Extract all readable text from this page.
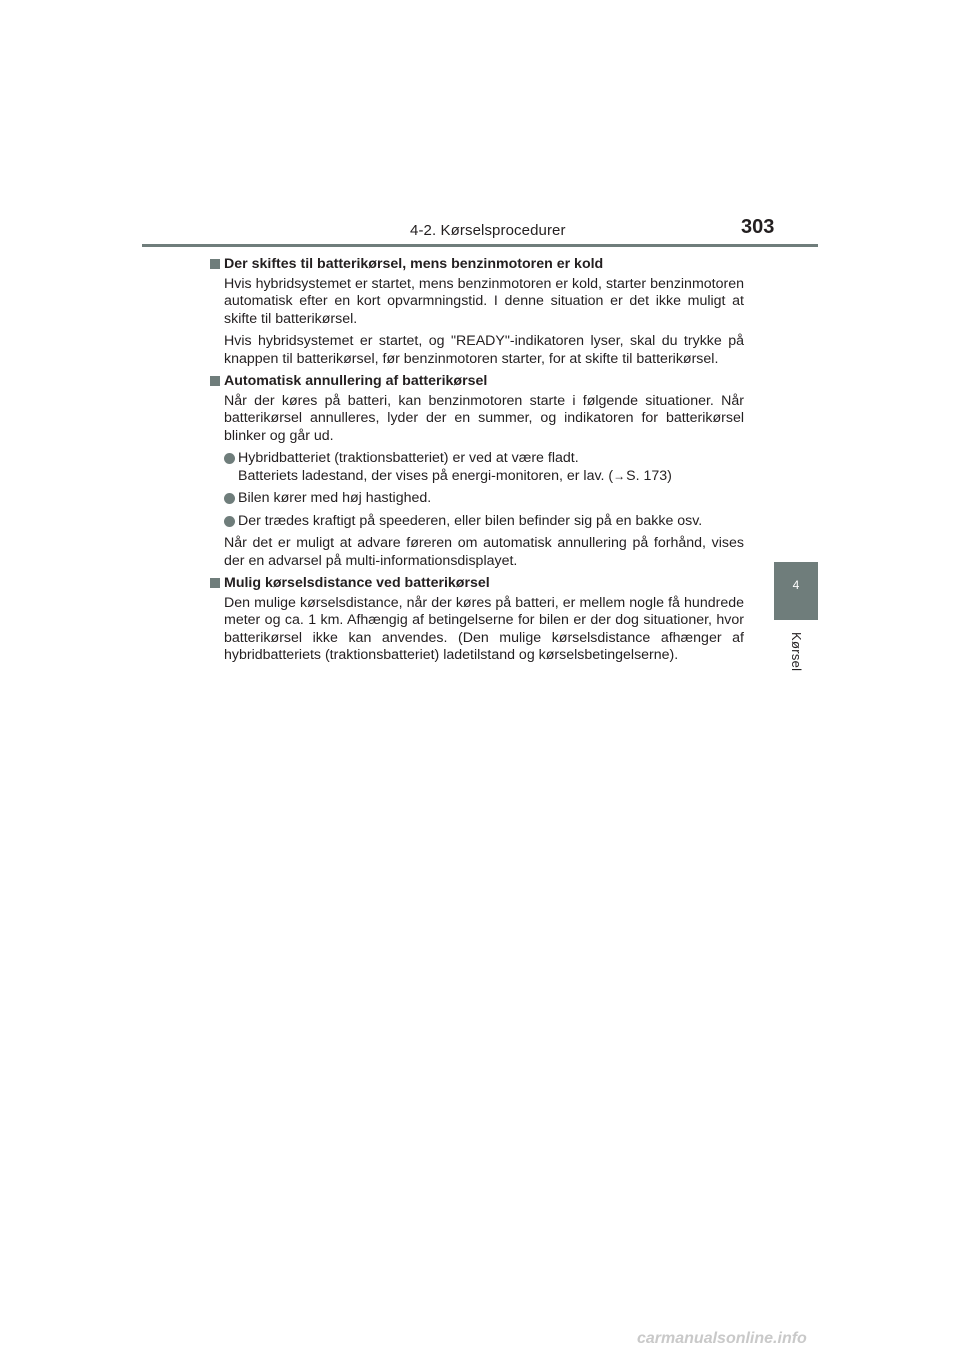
4-2. Kørselsprocedurer	303
4
Kørsel
Der skiftes til batterikørsel, mens benzinmotoren er kold

Hvis hybridsystemet er startet, mens benzinmotoren er kold, starter benzinmotoren automatisk efter en kort opvarmningstid. I denne situation er det ikke muligt at skifte til batterikørsel.

Hvis hybridsystemet er startet, og "READY"-indikatoren lyser, skal du trykke på knappen til batterikørsel, før benzinmotoren starter, for at skifte til batterikørsel.

Automatisk annullering af batterikørsel

Når der køres på batteri, kan benzinmotoren starte i følgende situationer. Når batterikørsel annulleres, lyder der en summer, og indikatoren for batterikørsel blinker og går ud.

Hybridbatteriet (traktionsbatteriet) er ved at være fladt.
Batteriets ladestand, der vises på energi-monitoren, er lav. (→S. 173)
Bilen kører med høj hastighed.
Der trædes kraftigt på speederen, eller bilen befinder sig på en bakke osv.

Når det er muligt at advare føreren om automatisk annullering på forhånd, vises der en advarsel på multi-informationsdisplayet.

Mulig kørselsdistance ved batterikørsel

Den mulige kørselsdistance, når der køres på batteri, er mellem nogle få hundrede meter og ca. 1 km. Afhængig af betingelserne for bilen er der dog situationer, hvor batterikørsel ikke kan anvendes. (Den mulige kørselsdistance afhænger af hybridbatteriets (traktionsbatteriet) ladetilstand og kørselsbetingelserne).

carmanualsonline.info
